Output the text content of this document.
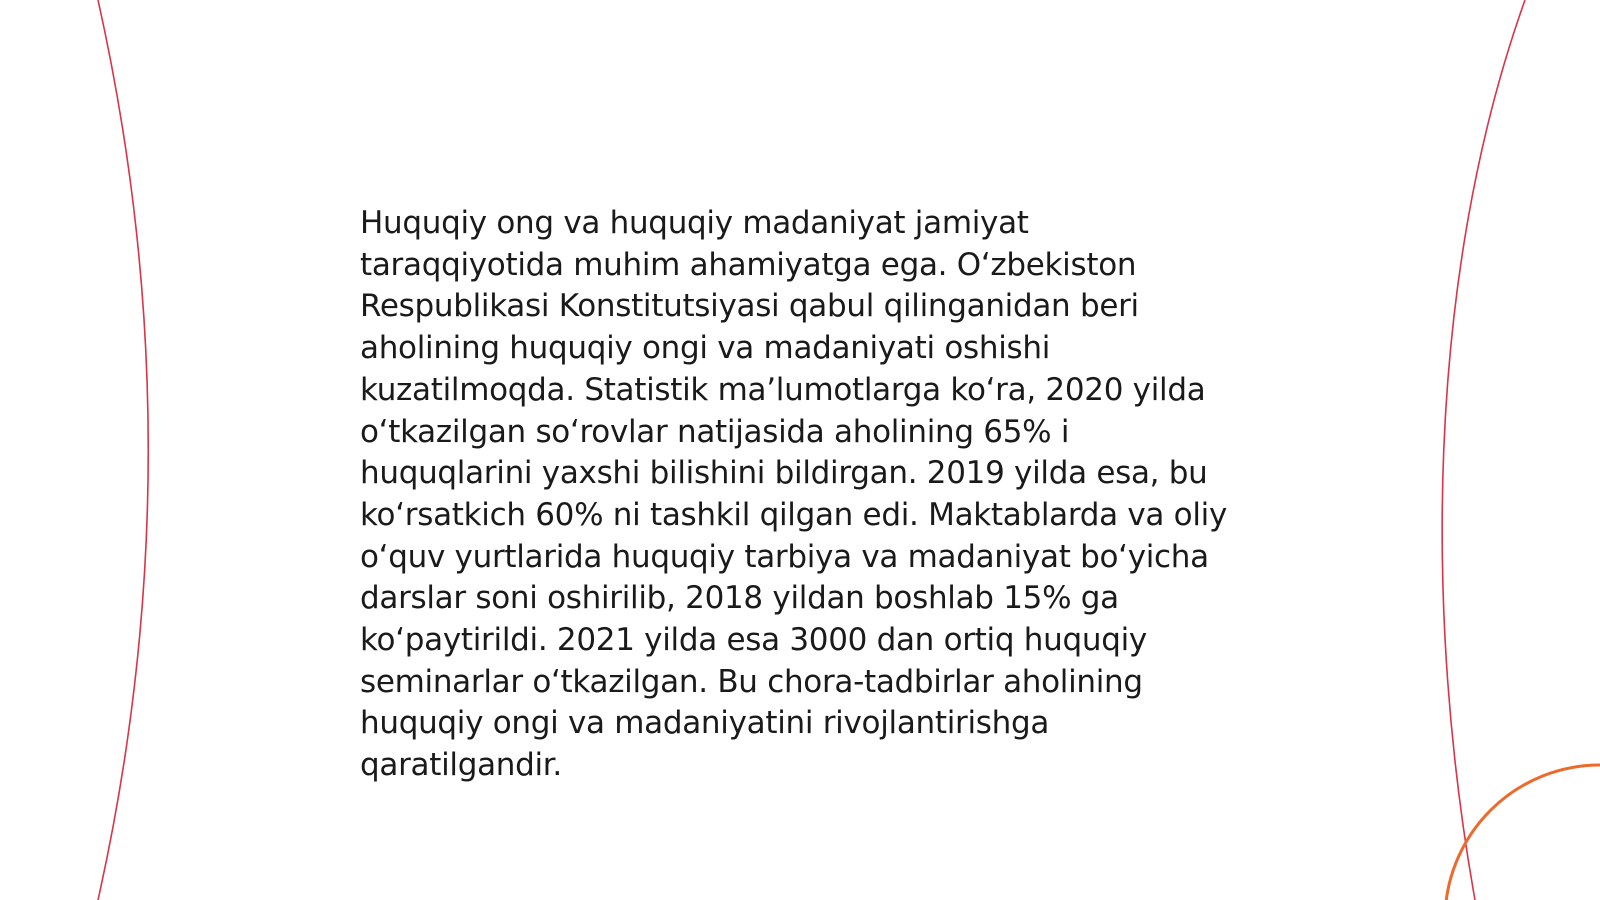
Huquqiy ong va huquqiy madaniyat jamiyat taraqqiyotida muhim ahamiyatga ega. O‘zbekiston Respublikasi Konstitutsiyasi qabul qilinganidan beri aholining huquqiy ongi va madaniyati oshishi kuzatilmoqda. Statistik ma’lumotlarga ko‘ra, 2020 yilda o‘tkazilgan so‘rovlar natijasida aholining 65% i huquqlarini yaxshi bilishini bildirgan. 2019 yilda esa, bu ko‘rsatkich 60% ni tashkil qilgan edi. Maktablarda va oliy o‘quv yurtlarida huquqiy tarbiya va madaniyat bo‘yicha darslar soni oshirilib, 2018 yildan boshlab 15% ga ko‘paytirildi. 2021 yilda esa 3000 dan ortiq huquqiy seminarlar o‘tkazilgan. Bu chora-tadbirlar aholining huquqiy ongi va madaniyatini rivojlantirishga qaratilgandir.
